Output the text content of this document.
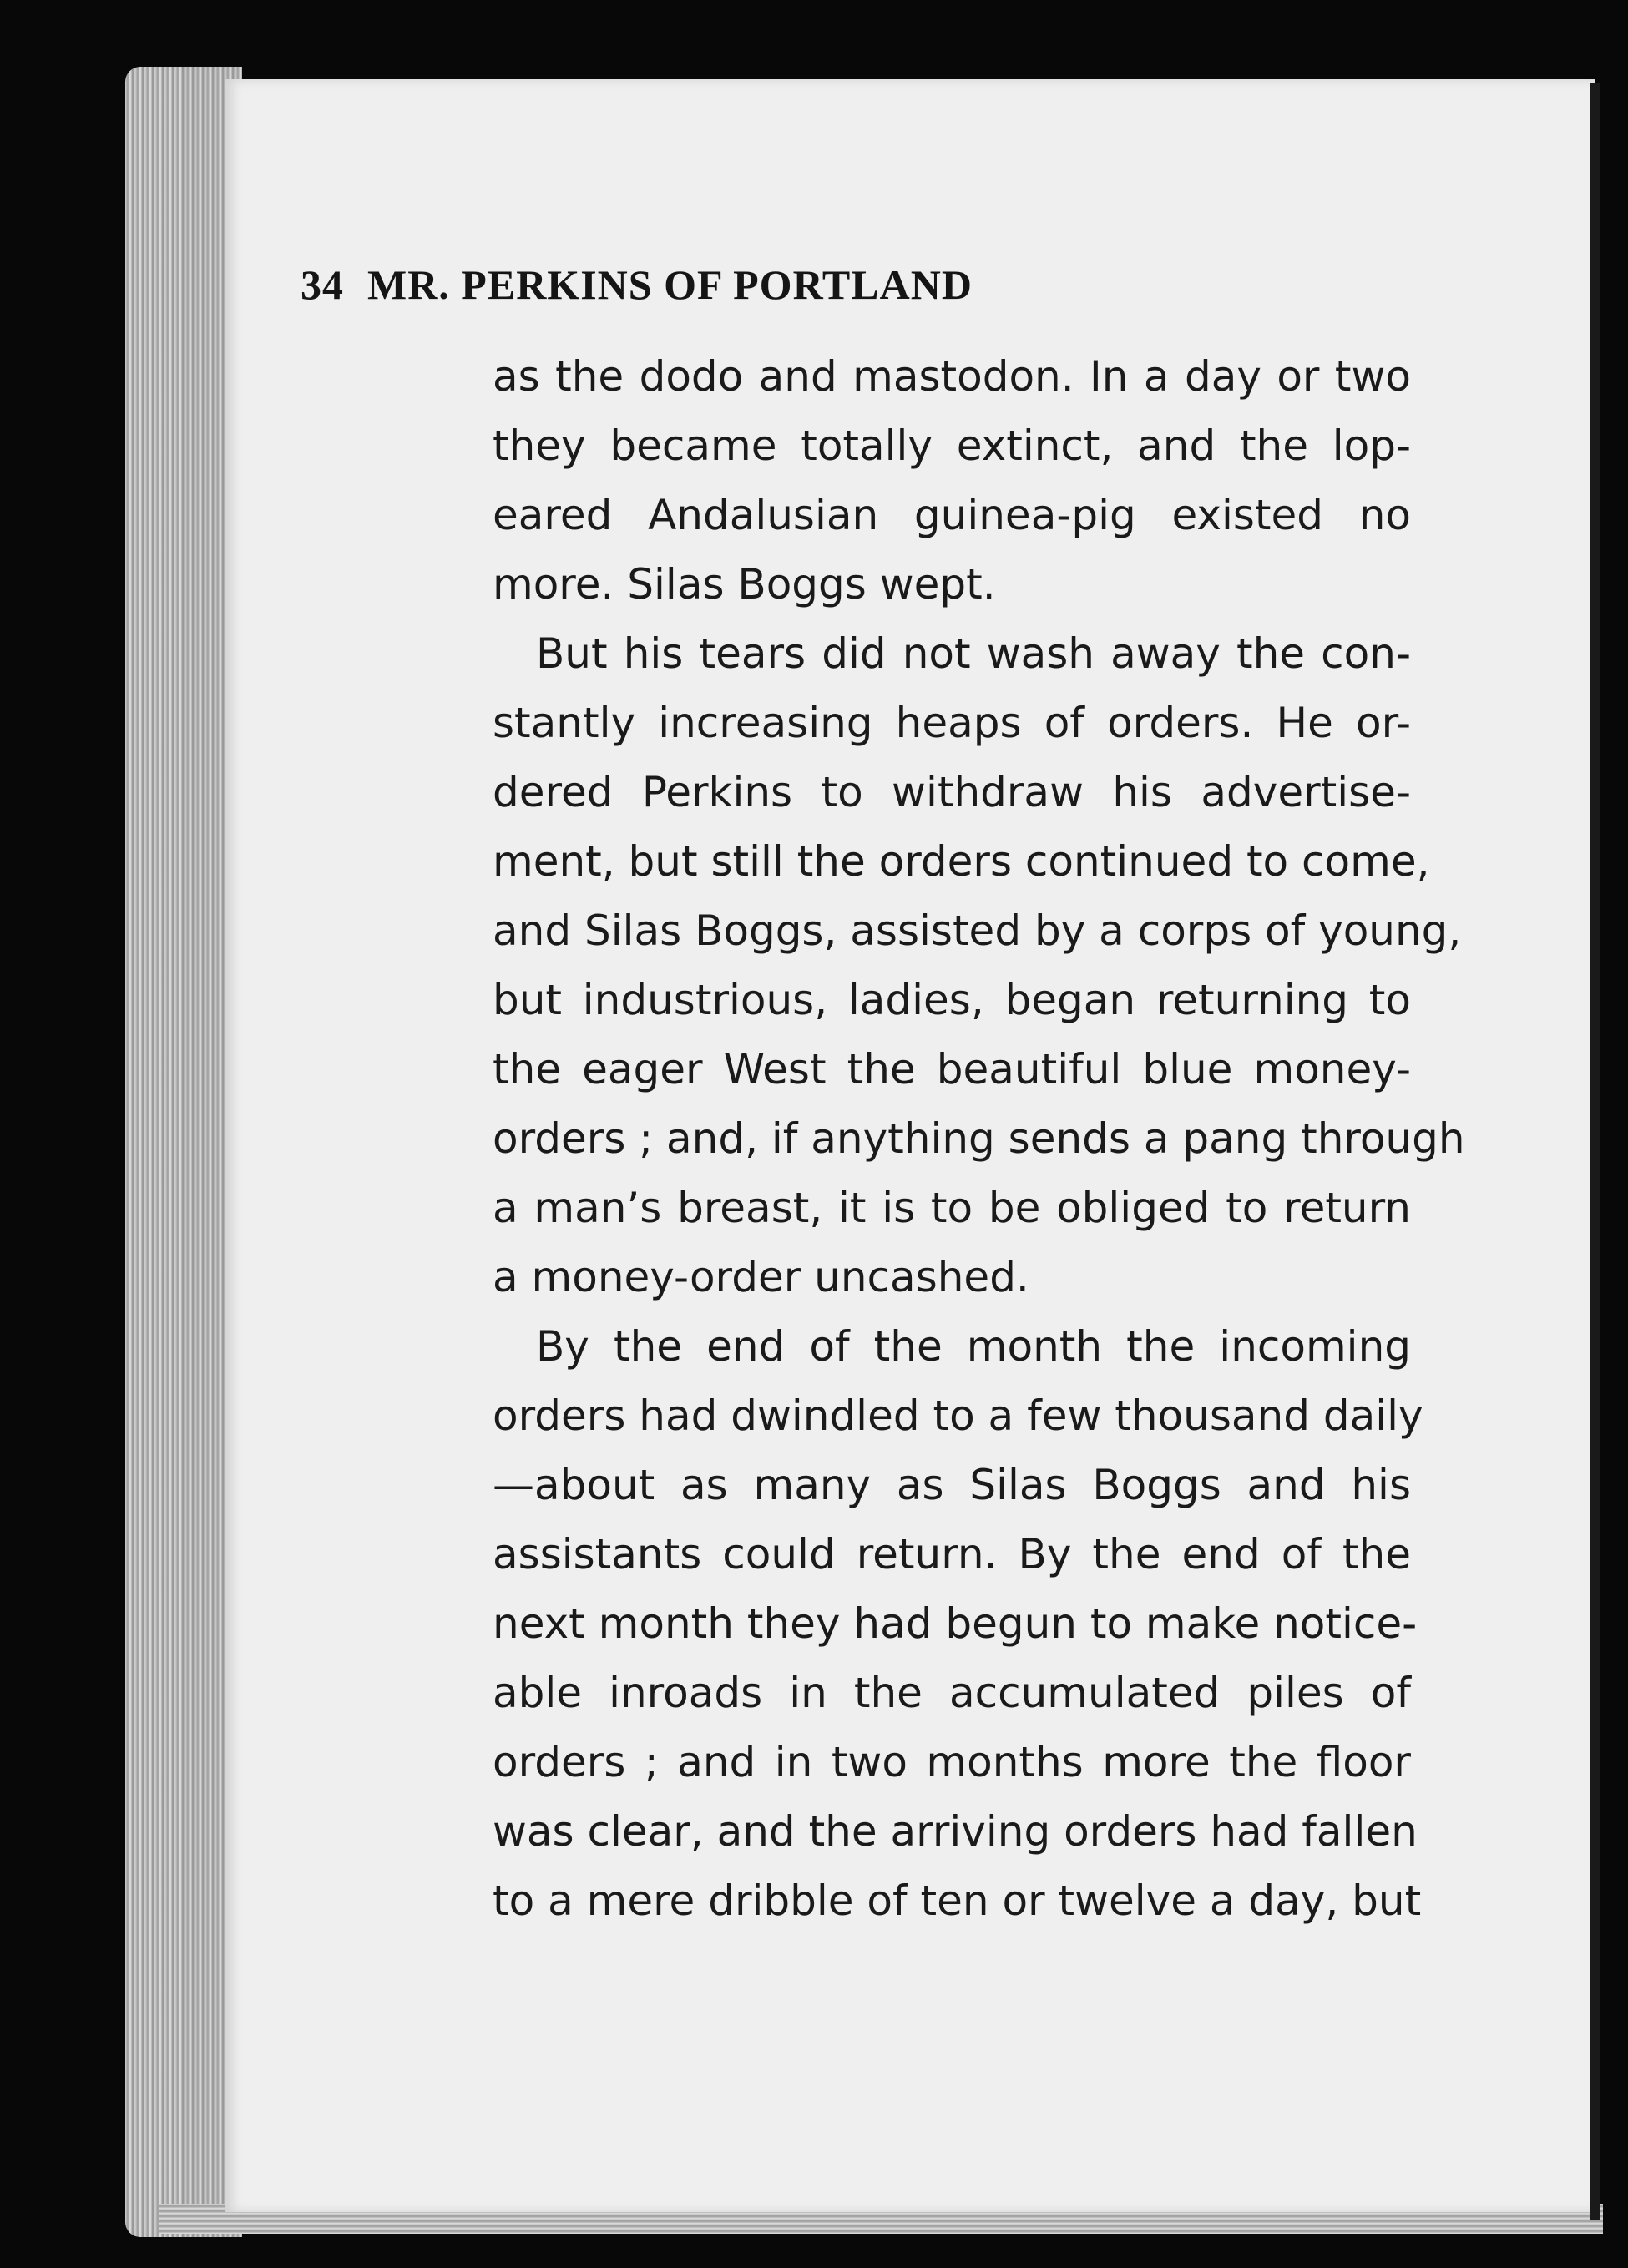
34 MR. PERKINS OF PORTLAND
as the dodo and mastodon. In a day or two
they became totally extinct, and the lop-
eared Andalusian guinea-pig existed no
more. Silas Boggs wept.
But his tears did not wash away the con-
stantly increasing heaps of orders. He or-
dered Perkins to withdraw his advertise-
ment, but still the orders continued to come,
and Silas Boggs, assisted by a corps of young,
but industrious, ladies, began returning to
the eager West the beautiful blue money-
orders ; and, if anything sends a pang through
a man’s breast, it is to be obliged to return
a money-order uncashed.
By the end of the month the incoming
orders had dwindled to a few thousand daily
—about as many as Silas Boggs and his
assistants could return. By the end of the
next month they had begun to make notice-
able inroads in the accumulated piles of
orders ; and in two months more the floor
was clear, and the arriving orders had fallen
to a mere dribble of ten or twelve a day, but
